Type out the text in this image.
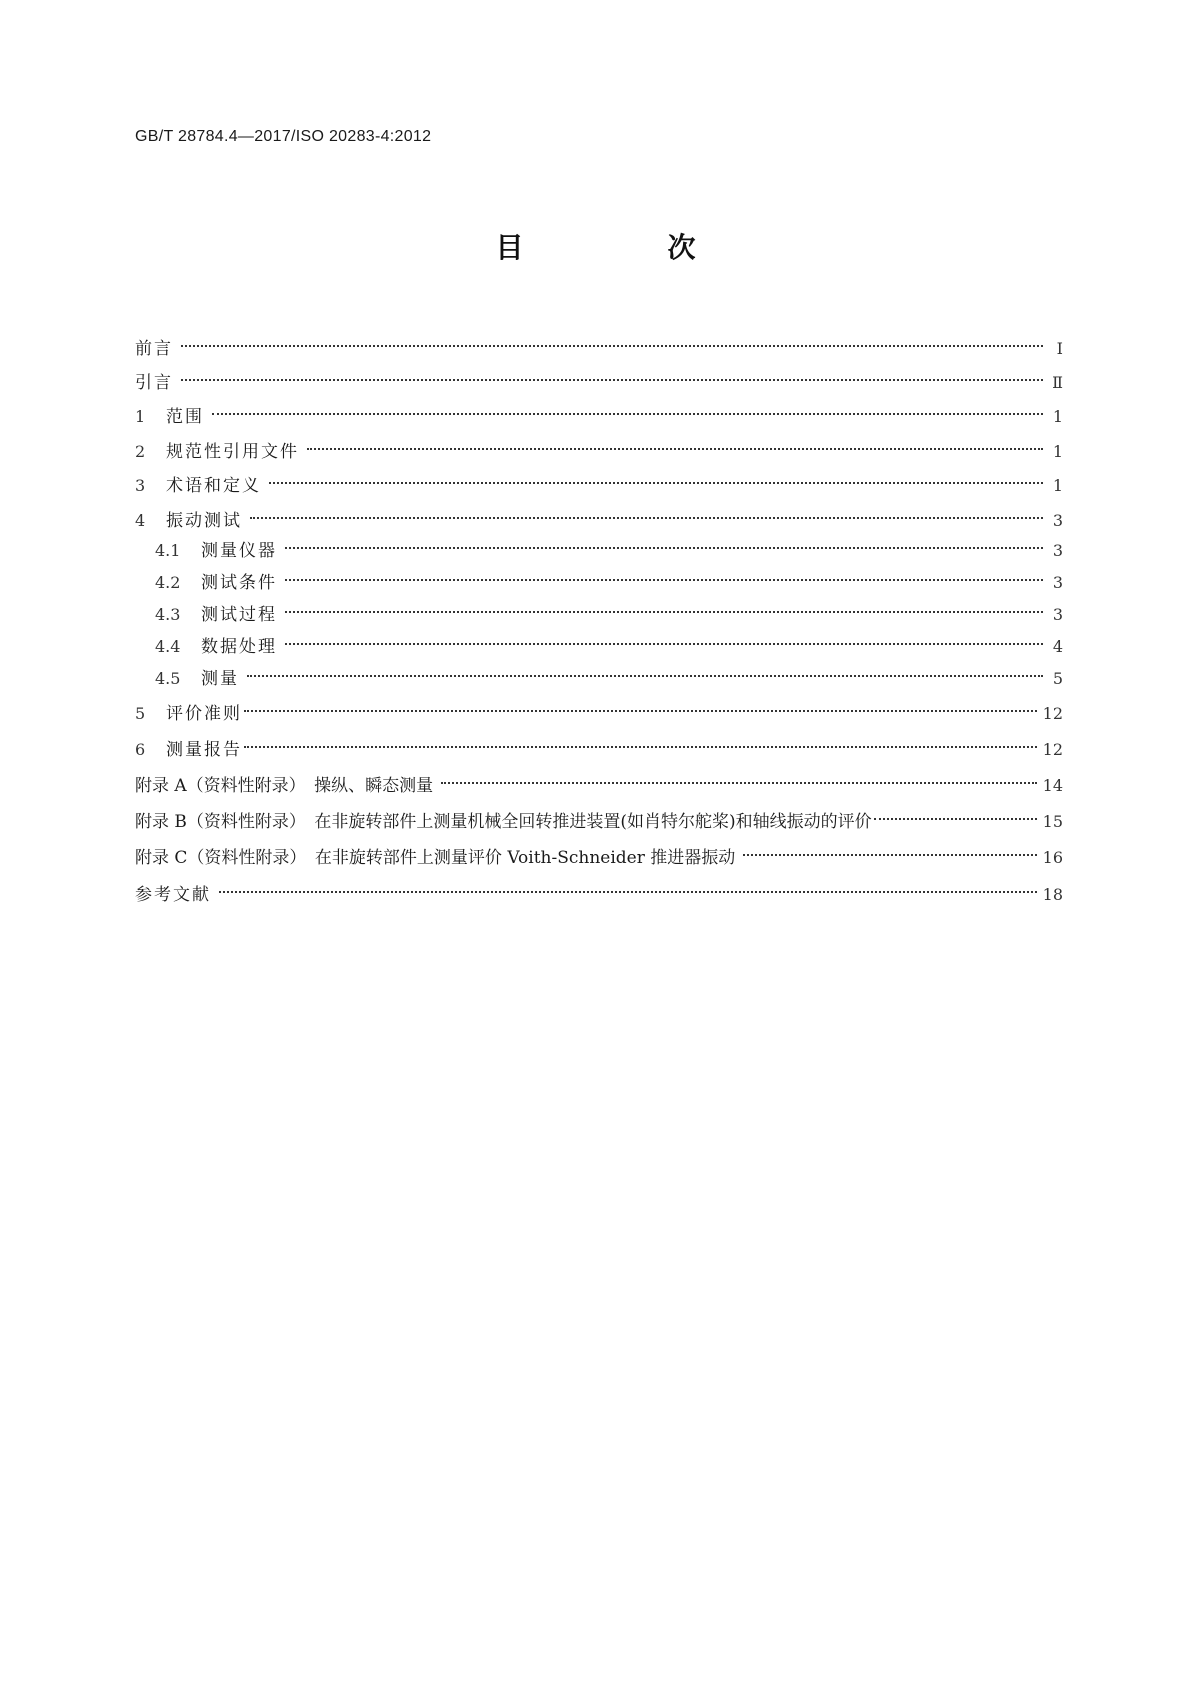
GB/T 28784.4—2017/ISO 20283-4:2012
目　次
前言	Ⅰ
引言	Ⅱ
1	范围	1
2	规范性引用文件	1
3	术语和定义	1
4	振动测试	3
4.1	测量仪器	3
4.2	测试条件	3
4.3	测试过程	3
4.4	数据处理	4
4.5	测量	5
5	评价准则	12
6	测量报告	12
附录 A（资料性附录）　操纵、瞬态测量	14
附录 B（资料性附录）　在非旋转部件上测量机械全回转推进装置(如肖特尔舵桨)和轴线振动的评价	15
附录 C（资料性附录）　在非旋转部件上测量评价 Voith-Schneider 推进器振动	16
参考文献	18
